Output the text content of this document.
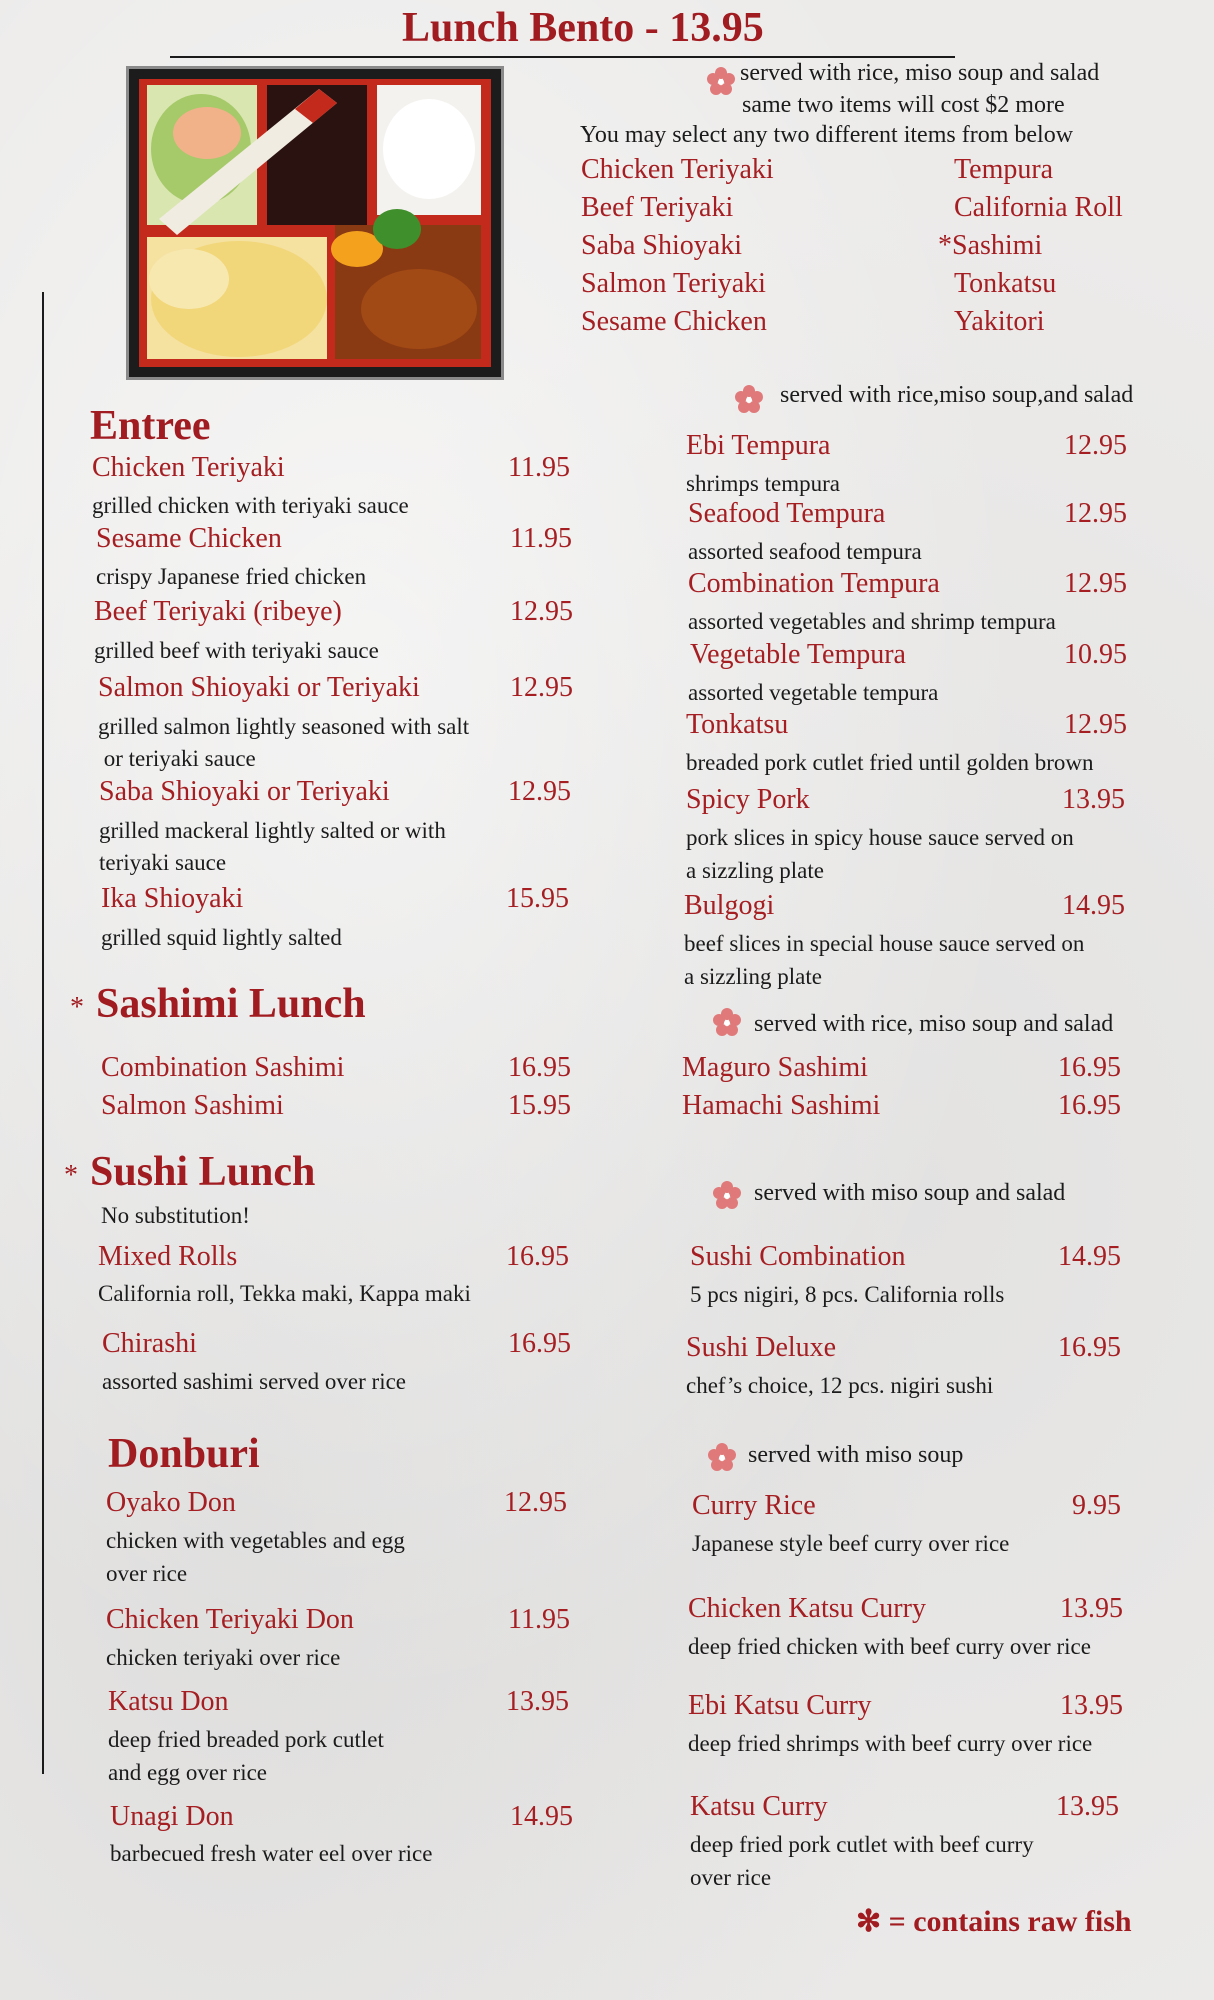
Lunch Bento - 13.95
served with rice, miso soup and salad
same two items will cost $2 more
You may select any two different items from below
Chicken Teriyaki
Beef Teriyaki
Saba Shioyaki
Salmon Teriyaki
Sesame Chicken
Tempura
California Roll
*Sashimi
Tonkatsu
Yakitori
Entree
Chicken Teriyaki	11.95
grilled chicken with teriyaki sauce
Sesame Chicken	11.95
crispy Japanese fried chicken
Beef Teriyaki (ribeye)	12.95
grilled beef with teriyaki sauce
Salmon Shioyaki or Teriyaki	12.95
grilled salmon lightly seasoned with salt
or teriyaki sauce
Saba Shioyaki or Teriyaki	12.95
grilled mackeral lightly salted or with
teriyaki sauce
Ika Shioyaki	15.95
grilled squid lightly salted
served with rice,miso soup,and salad
Ebi Tempura	12.95
shrimps tempura
Seafood Tempura	12.95
assorted seafood tempura
Combination Tempura	12.95
assorted vegetables and shrimp tempura
Vegetable Tempura	10.95
assorted vegetable tempura
Tonkatsu	12.95
breaded pork cutlet fried until golden brown
Spicy Pork	13.95
pork slices in spicy house sauce served on
a sizzling plate
Bulgogi	14.95
beef slices in special house sauce served on
a sizzling plate
* Sashimi Lunch	served with rice, miso soup and salad
Combination Sashimi	16.95
Salmon Sashimi	15.95
Maguro Sashimi	16.95
Hamachi Sashimi	16.95
* Sushi Lunch
No substitution!
served with miso soup and salad
Mixed Rolls	16.95
California roll, Tekka maki, Kappa maki
Chirashi	16.95
assorted sashimi served over rice
Sushi Combination	14.95
5 pcs nigiri, 8 pcs. California rolls
Sushi Deluxe	16.95
chef’s choice, 12 pcs. nigiri sushi
Donburi	served with miso soup
Oyako Don	12.95
chicken with vegetables and egg
over rice
Chicken Teriyaki Don	11.95
chicken teriyaki over rice
Katsu Don	13.95
deep fried breaded pork cutlet
and egg over rice
Unagi Don	14.95
barbecued fresh water eel over rice
Curry Rice	9.95
Japanese style beef curry over rice
Chicken Katsu Curry	13.95
deep fried chicken with beef curry over rice
Ebi Katsu Curry	13.95
deep fried shrimps with beef curry over rice
Katsu Curry	13.95
deep fried pork cutlet with beef curry
over rice
✻ = contains raw fish
